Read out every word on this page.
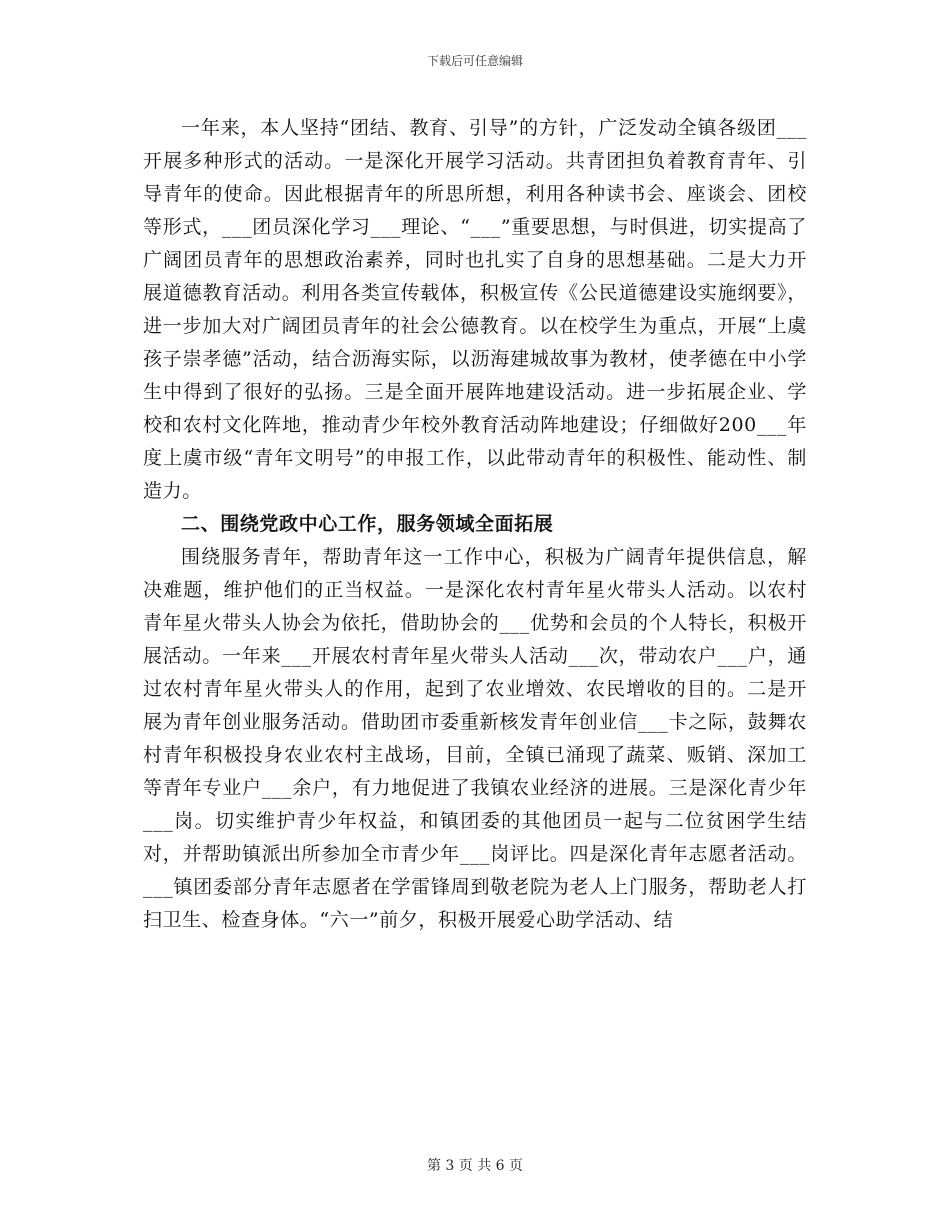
下载后可任意编辑

一年来，本人坚持“团结、教育、引导”的方针，广泛发动全镇各级团___开展多种形式的活动。一是深化开展学习活动。共青团担负着教育青年、引导青年的使命。因此根据青年的所思所想，利用各种读书会、座谈会、团校等形式，___团员深化学习___理论、“___”重要思想，与时俱进，切实提高了广阔团员青年的思想政治素养，同时也扎实了自身的思想基础。二是大力开展道德教育活动。利用各类宣传载体，积极宣传《公民道德建设实施纲要》，进一步加大对广阔团员青年的社会公德教育。以在校学生为重点，开展“上虞孩子崇孝德”活动，结合沥海实际，以沥海建城故事为教材，使孝德在中小学生中得到了很好的弘扬。三是全面开展阵地建设活动。进一步拓展企业、学校和农村文化阵地，推动青少年校外教育活动阵地建设；仔细做好200___年度上虞市级“青年文明号”的申报工作，以此带动青年的积极性、能动性、制造力。

二、围绕党政中心工作，服务领域全面拓展

围绕服务青年，帮助青年这一工作中心，积极为广阔青年提供信息，解决难题，维护他们的正当权益。一是深化农村青年星火带头人活动。以农村青年星火带头人协会为依托，借助协会的___优势和会员的个人特长，积极开展活动。一年来___开展农村青年星火带头人活动___次，带动农户___户，通过农村青年星火带头人的作用，起到了农业增效、农民增收的目的。二是开展为青年创业服务活动。借助团市委重新核发青年创业信___卡之际，鼓舞农村青年积极投身农业农村主战场，目前，全镇已涌现了蔬菜、贩销、深加工等青年专业户___余户，有力地促进了我镇农业经济的进展。三是深化青少年___岗。切实维护青少年权益，和镇团委的其他团员一起与二位贫困学生结对，并帮助镇派出所参加全市青少年___岗评比。四是深化青年志愿者活动。___镇团委部分青年志愿者在学雷锋周到敬老院为老人上门服务，帮助老人打扫卫生、检查身体。“六一”前夕，积极开展爱心助学活动、结

第 3 页 共 6 页
